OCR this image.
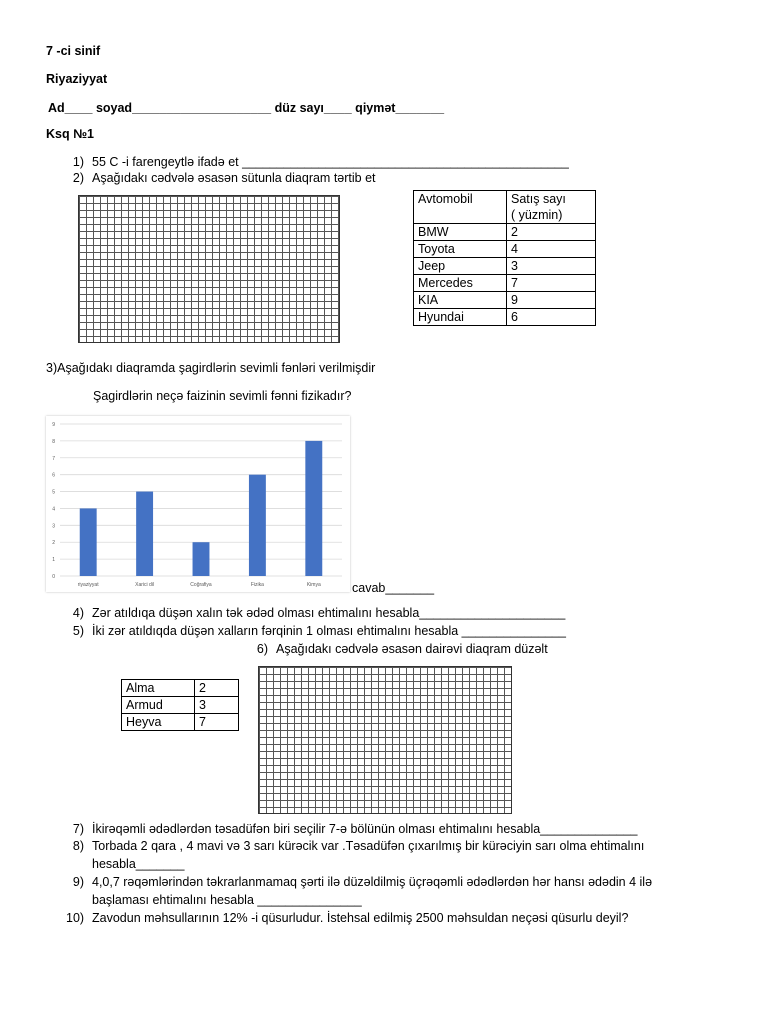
7 -ci sinif
Riyaziyyat
Ad____ soyad____________________ düz sayı____ qiymət_______
Ksq №1
1) 55 C -i farengeytlə ifadə et _______________________________________________
2) Aşağıdakı cədvələ əsasən sütunla diaqram tərtib et
Avtomobil	Satış sayı
( yüzmin)
BMW	2
Toyota	4
Jeep	3
Mercedes	7
KIA	9
Hyundai	6
3)Aşağıdakı diaqramda şagirdlərin sevimli fənləri verilmişdir
Şagirdlərin neçə faizinin sevimli fənni fizikadır?
0
1
2
3
4
5
6
7
8
9
riyaziyyat	Xarici dil	Coğrafiya	Fizika	Kimya cavab_______
4) Zər atıldıqa düşən xalın tək ədəd olması ehtimalını hesabla_____________________
5) İki zər atıldıqda düşən xalların fərqinin 1 olması ehtimalını hesabla _______________
6) Aşağıdakı cədvələ əsasən dairəvi diaqram düzəlt
Alma	2
Armud	3
Heyva	7
7) İkirəqəmli ədədlərdən təsadüfən biri seçilir 7-ə bölünün olması ehtimalını hesabla______________
8) Torbada 2 qara , 4 mavi və 3 sarı kürəcik var .Təsadüfən çıxarılmış bir kürəciyin sarı olma ehtimalını
hesabla_______
9) 4,0,7 rəqəmlərindən təkrarlanmamaq şərti ilə düzəldilmiş üçrəqəmli ədədlərdən hər hansı ədədin 4 ilə
başlaması ehtimalını hesabla _______________
10) Zavodun məhsullarının 12% -i qüsurludur. İstehsal edilmiş 2500 məhsuldan neçəsi qüsurlu deyil?
